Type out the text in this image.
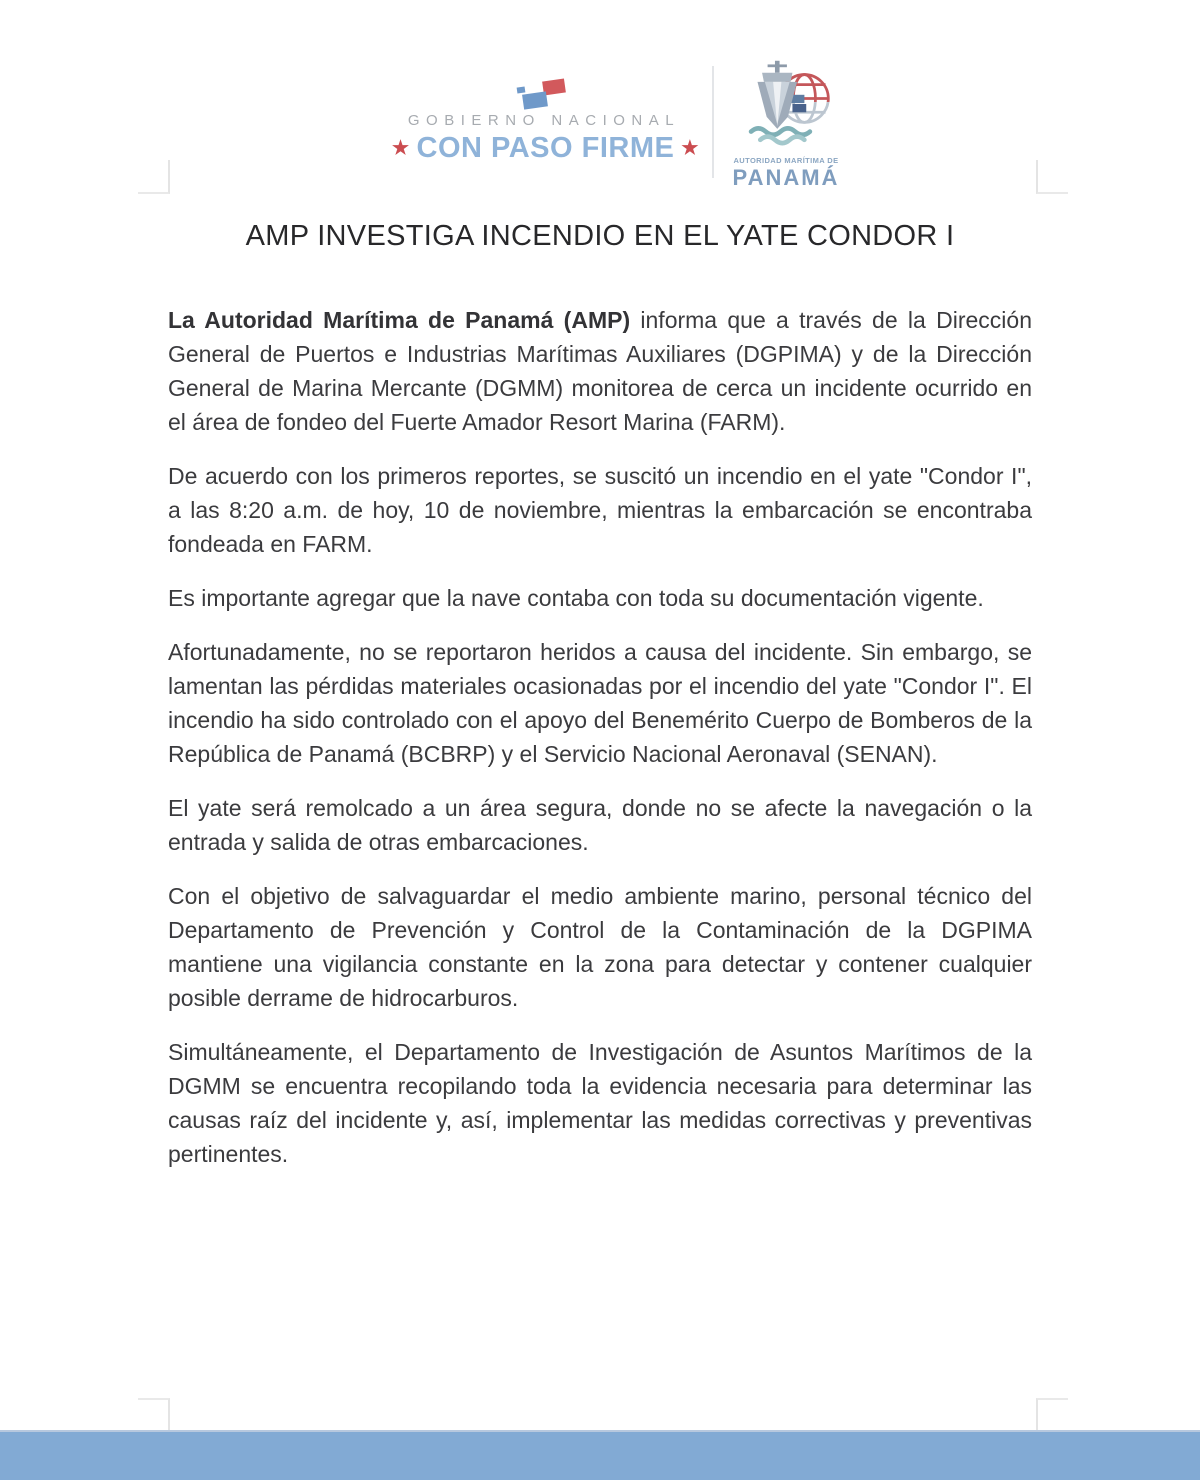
GOBIERNO NACIONAL
★ CON PASO FIRME ★
AUTORIDAD MARÍTIMA DE
PANAMÁ
AMP INVESTIGA INCENDIO EN EL YATE CONDOR I

La Autoridad Marítima de Panamá (AMP) informa que a través de la Dirección General de Puertos e Industrias Marítimas Auxiliares (DGPIMA) y de la Dirección General de Marina Mercante (DGMM) monitorea de cerca un incidente ocurrido en el área de fondeo del Fuerte Amador Resort Marina (FARM).

De acuerdo con los primeros reportes, se suscitó un incendio en el yate "Condor I", a las 8:20 a.m. de hoy, 10 de noviembre, mientras la embarcación se encontraba fondeada en FARM.

Es importante agregar que la nave contaba con toda su documentación vigente.

Afortunadamente, no se reportaron heridos a causa del incidente. Sin embargo, se lamentan las pérdidas materiales ocasionadas por el incendio del yate "Condor I". El incendio ha sido controlado con el apoyo del Benemérito Cuerpo de Bomberos de la República de Panamá (BCBRP) y el Servicio Nacional Aeronaval (SENAN).

El yate será remolcado a un área segura, donde no se afecte la navegación o la entrada y salida de otras embarcaciones.

Con el objetivo de salvaguardar el medio ambiente marino, personal técnico del Departamento de Prevención y Control de la Contaminación de la DGPIMA mantiene una vigilancia constante en la zona para detectar y contener cualquier posible derrame de hidrocarburos.

Simultáneamente, el Departamento de Investigación de Asuntos Marítimos de la DGMM se encuentra recopilando toda la evidencia necesaria para determinar las causas raíz del incidente y, así, implementar las medidas correctivas y preventivas pertinentes.
